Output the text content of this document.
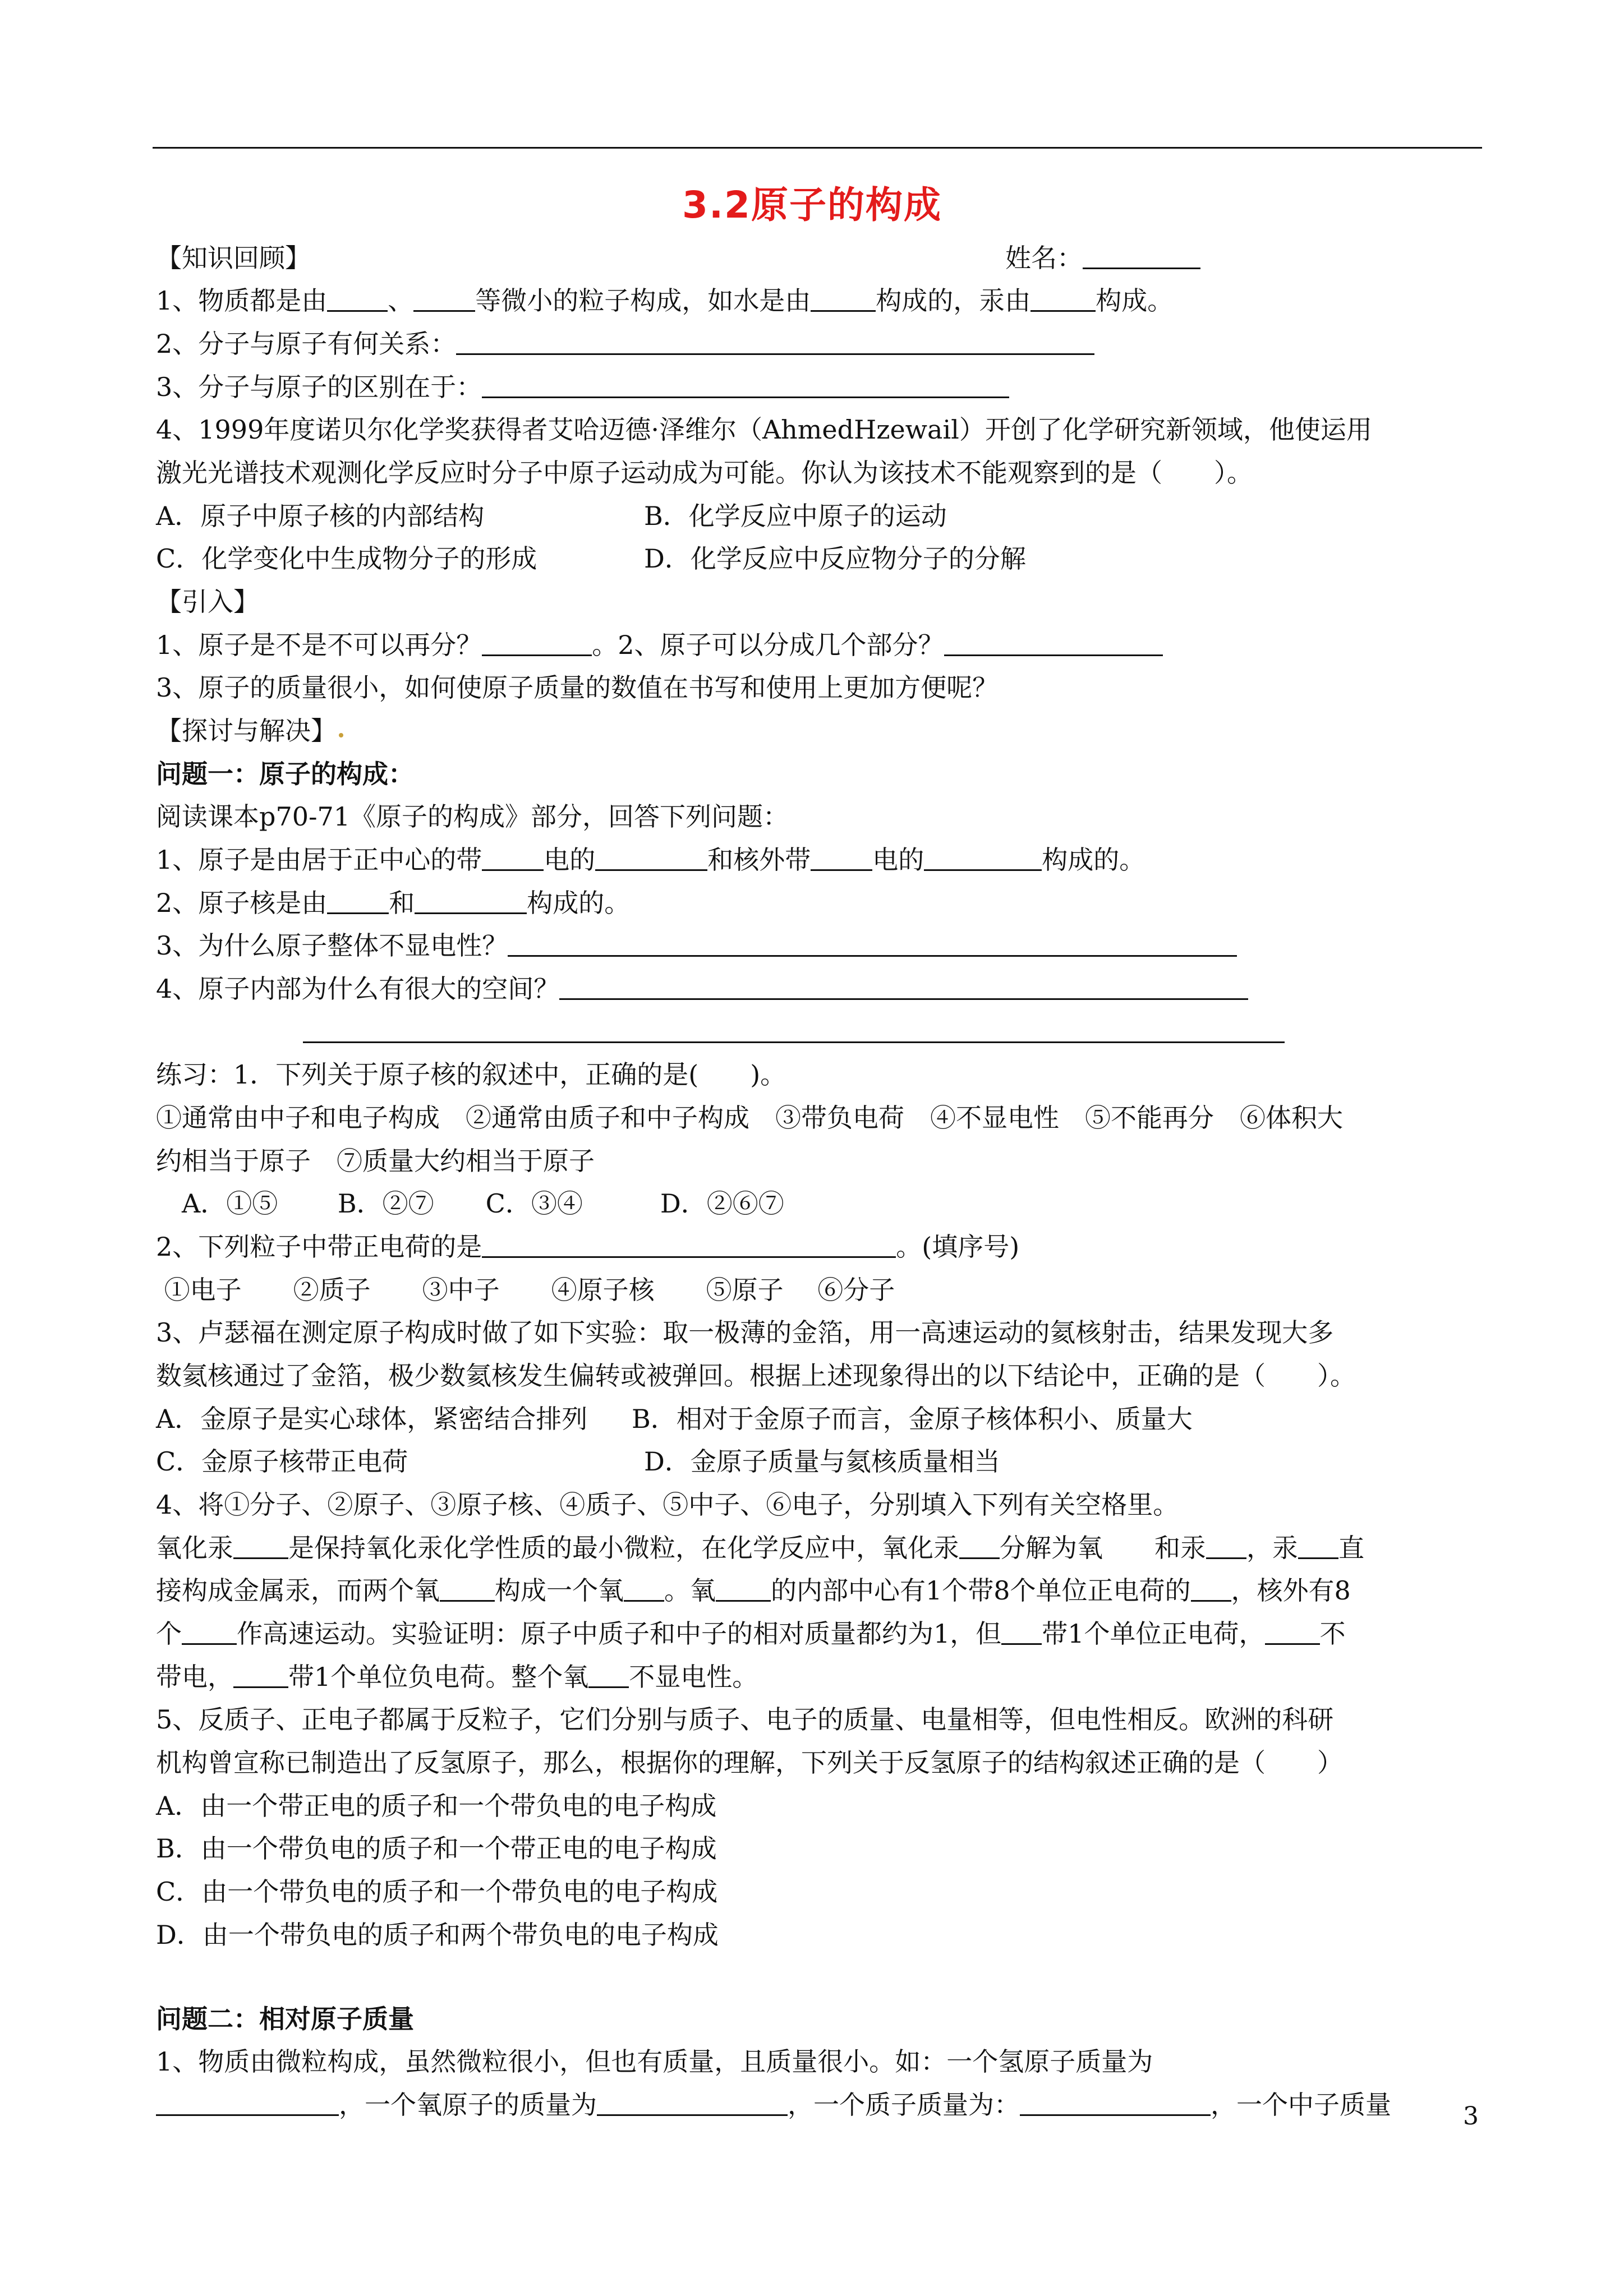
3.2原子的构成
【知识回顾】	姓名：
1、物质都是由 、 等微小的粒子构成，如水是由	构成的，汞由	构成。
2、分子与原子有何关系：
3、分子与原子的区别在于：
4、1999年度诺贝尔化学奖获得者艾哈迈德·泽维尔（AhmedHzewail）开创了化学研究新领域，他使运用
激光光谱技术观测化学反应时分子中原子运动成为可能。你认为该技术不能观察到的是（　　）。
A．原子中原子核的内部结构	B．化学反应中原子的运动
C．化学变化中生成物分子的形成	D．化学反应中反应物分子的分解
【引入】
1、原子是不是不可以再分？	。2、原子可以分成几个部分？
3、原子的质量很小，如何使原子质量的数值在书写和使用上更加方便呢？
【探讨与解决】
问题一：原子的构成：
阅读课本p70-71《原子的构成》部分，回答下列问题：
1、原子是由居于正中心的带 电的	和核外带 电的	构成的。
2、原子核是由 和	构成的。
3、为什么原子整体不显电性？
4、原子内部为什么有很大的空间？
练习：1．下列关于原子核的叙述中，正确的是(　　)。
①通常由中子和电子构成　②通常由质子和中子构成　③带负电荷　④不显电性　⑤不能再分　⑥体积大
约相当于原子　⑦质量大约相当于原子
　A．①⑤　　 B．②⑦　　C．③④　　　D．②⑥⑦
2、下列粒子中带正电荷的是	。(填序号)
①电子　　②质子　　③中子　　④原子核　　⑤原子　 ⑥分子
3、卢瑟福在测定原子构成时做了如下实验：取一极薄的金箔，用一高速运动的氦核射击，结果发现大多
数氦核通过了金箔，极少数氦核发生偏转或被弹回。根据上述现象得出的以下结论中，正确的是（　　）。
A．金原子是实心球体，紧密结合排列 B．相对于金原子而言，金原子核体积小、质量大
C．金原子核带正电荷	D．金原子质量与氦核质量相当
4、将①分子、②原子、③原子核、④质子、⑤中子、⑥电子，分别填入下列有关空格里。
氧化汞 是保持氧化汞化学性质的最小微粒，在化学反应中，氧化汞 分解为氧　　和汞 ，汞 直
接构成金属汞，而两个氧 构成一个氧 。氧 的内部中心有1个带8个单位正电荷的 ，核外有8
个 作高速运动。实验证明：原子中质子和中子的相对质量都约为1，但 带1个单位正电荷， 不
带电， 带1个单位负电荷。整个氧 不显电性。
5、反质子、正电子都属于反粒子，它们分别与质子、电子的质量、电量相等，但电性相反。欧洲的科研
机构曾宣称已制造出了反氢原子，那么，根据你的理解，下列关于反氢原子的结构叙述正确的是（　　）
A．由一个带正电的质子和一个带负电的电子构成
B．由一个带负电的质子和一个带正电的电子构成
C．由一个带负电的质子和一个带负电的电子构成
D．由一个带负电的质子和两个带负电的电子构成
问题二：相对原子质量
1、物质由微粒构成，虽然微粒很小，但也有质量，且质量很小。如：一个氢原子质量为
，一个氧原子的质量为	，一个质子质量为：	，一个中子质量	3
